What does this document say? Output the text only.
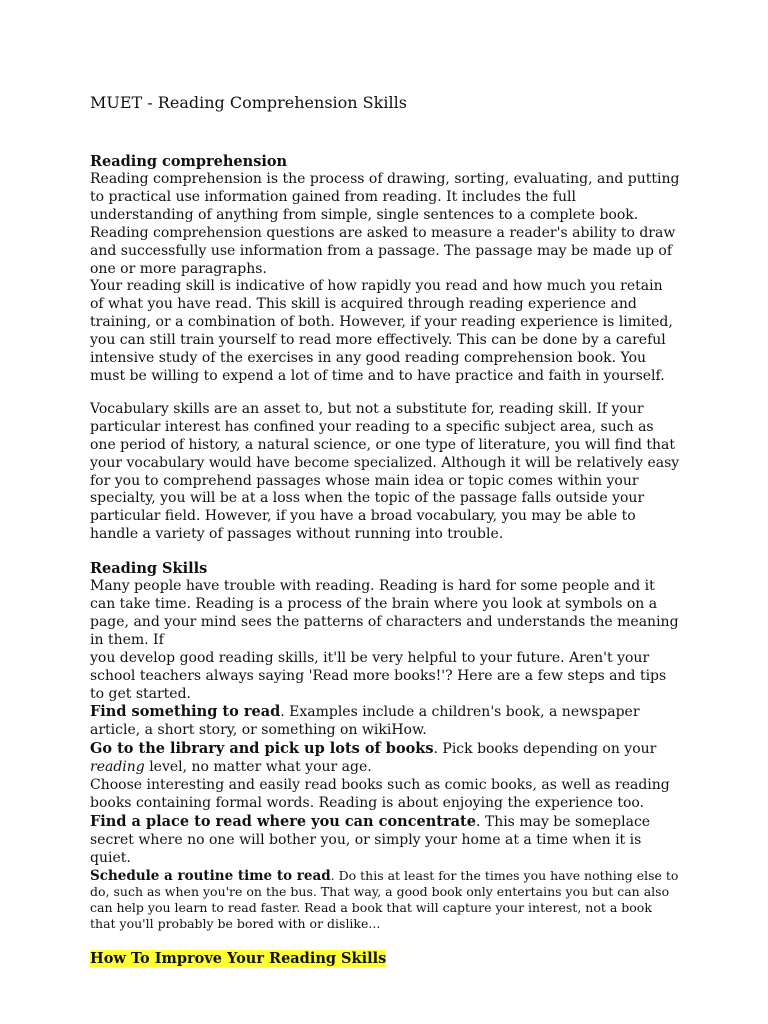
MUET - Reading Comprehension Skills
Reading comprehension

Reading comprehension is the process of drawing, sorting, evaluating, and putting to practical use information gained from reading. It includes the full understanding of anything from simple, single sentences to a complete book.

Reading comprehension questions are asked to measure a reader's ability to draw and successfully use information from a passage. The passage may be made up of one or more paragraphs.

Your reading skill is indicative of how rapidly you read and how much you retain of what you have read. This skill is acquired through reading experience and training, or a combination of both. However, if your reading experience is limited, you can still train yourself to read more effectively. This can be done by a careful intensive study of the exercises in any good reading comprehension book. You must be willing to expend a lot of time and to have practice and faith in yourself.

Vocabulary skills are an asset to, but not a substitute for, reading skill. If your particular interest has confined your reading to a specific subject area, such as one period of history, a natural science, or one type of literature, you will find that your vocabulary would have become specialized. Although it will be relatively easy for you to comprehend passages whose main idea or topic comes within your specialty, you will be at a loss when the topic of the passage falls outside your particular field. However, if you have a broad vocabulary, you may be able to handle a variety of passages without running into trouble.

Reading Skills

Many people have trouble with reading. Reading is hard for some people and it can take time. Reading is a process of the brain where you look at symbols on a page, and your mind sees the patterns of characters and understands the meaning in them. If

you develop good reading skills, it'll be very helpful to your future. Aren't your school teachers always saying 'Read more books!'? Here are a few steps and tips to get started.

Find something to read. Examples include a children's book, a newspaper article, a short story, or something on wikiHow.

Go to the library and pick up lots of books. Pick books depending on your reading level, no matter what your age.

Choose interesting and easily read books such as comic books, as well as reading books containing formal words. Reading is about enjoying the experience too.

Find a place to read where you can concentrate. This may be someplace secret where no one will bother you, or simply your home at a time when it is quiet.

Schedule a routine time to read. Do this at least for the times you have nothing else to do, such as when you're on the bus. That way, a good book only entertains you but can also can help you learn to read faster. Read a book that will capture your interest, not a book that you'll probably be bored with or dislike...

How To Improve Your Reading Skills
